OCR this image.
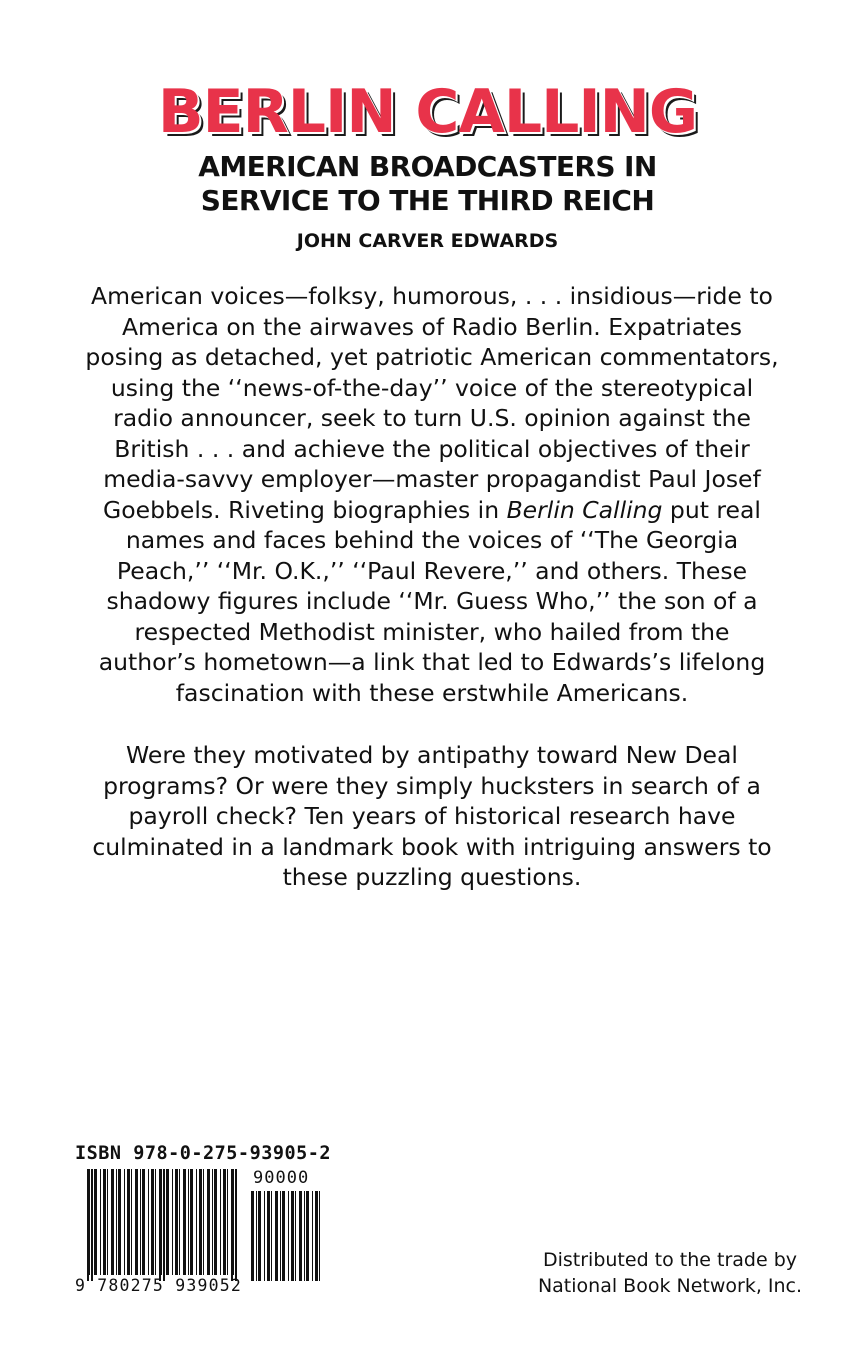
BERLIN CALLING
AMERICAN BROADCASTERS IN
SERVICE TO THE THIRD REICH
JOHN CARVER EDWARDS
American voices—folksy, humorous, . . . insidious—ride to
America on the airwaves of Radio Berlin. Expatriates
posing as detached, yet patriotic American commentators,
using the ‘‘news-of-the-day’’ voice of the stereotypical
radio announcer, seek to turn U.S. opinion against the
British . . . and achieve the political objectives of their
media-savvy employer—master propagandist Paul Josef
Goebbels. Riveting biographies in Berlin Calling put real
names and faces behind the voices of ‘‘The Georgia
Peach,’’ ‘‘Mr. O.K.,’’ ‘‘Paul Revere,’’ and others. These
shadowy figures include ‘‘Mr. Guess Who,’’ the son of a
respected Methodist minister, who hailed from the
author’s hometown—a link that led to Edwards’s lifelong
fascination with these erstwhile Americans.
Were they motivated by antipathy toward New Deal
programs? Or were they simply hucksters in search of a
payroll check? Ten years of historical research have
culminated in a landmark book with intriguing answers to
these puzzling questions.
ISBN 978-0-275-93905-2
90000
9 780275 939052
Distributed to the trade by
National Book Network, Inc.
